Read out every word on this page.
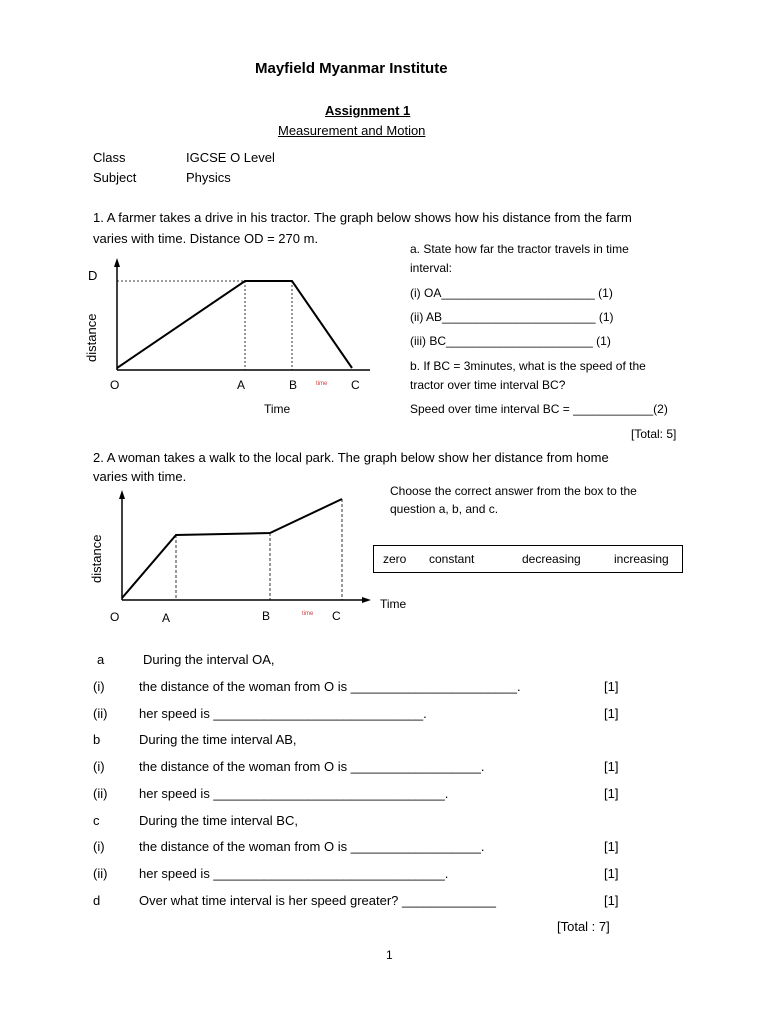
Mayfield Myanmar Institute
Assignment 1
Measurement and Motion
Class	IGCSE O Level
Subject	Physics
1. A farmer takes a drive in his tractor. The graph below shows how his distance from the farm
varies with time. Distance OD = 270 m.
a. State how far the tractor travels in time
interval:
(i) OA_______________________ (1)
(ii) AB_______________________ (1)
(iii) BC______________________ (1)
b. If BC = 3minutes, what is the speed of the
tractor over time interval BC?
Speed over time interval BC = ____________(2)
[Total: 5]
D
distance
O	A	B	time C
Time
2. A woman takes a walk to the local park. The graph below show her distance from home
varies with time.
Choose the correct answer from the box to the
question a, b, and c.
zero constant	decreasing	increasing
distance
Time
O	A	B	time C
a	During the interval OA,
(i)	the distance of the woman from O is _______________________.	[1]
(ii) her speed is _____________________________.	[1]
b	During the time interval AB,
(i)	the distance of the woman from O is __________________.	[1]
(ii) her speed is ________________________________.	[1]
c	During the time interval BC,
(i)	the distance of the woman from O is __________________.	[1]
(ii) her speed is ________________________________.	[1]
d	Over what time interval is her speed greater? _____________	[1]
[Total : 7]
1
